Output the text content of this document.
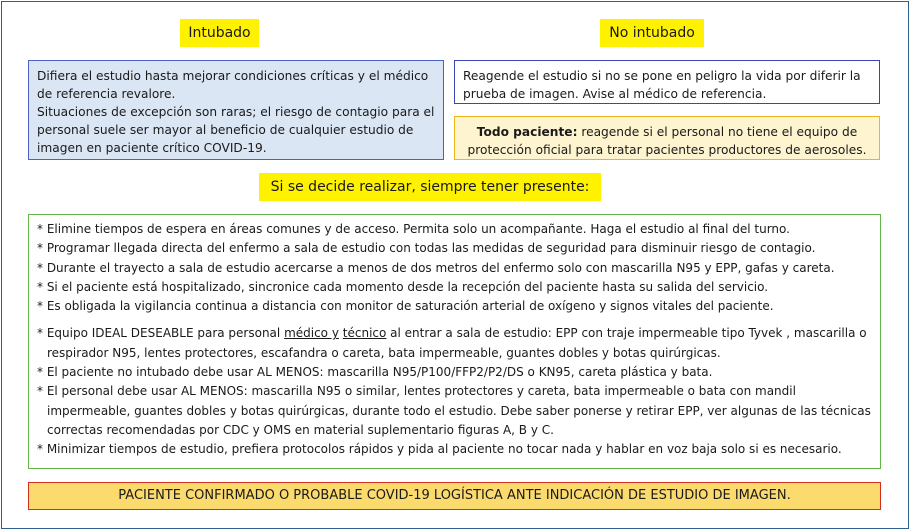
Intubado	No intubado
Difiera el estudio hasta mejorar condiciones críticas y el médico de referencia revalore.
Situaciones de excepción son raras; el riesgo de contagio para el personal suele ser mayor al beneficio de cualquier estudio de imagen en paciente crítico COVID-19.
Reagende el estudio si no se pone en peligro la vida por diferir la prueba de imagen. Avise al médico de referencia.
Todo paciente: reagende si el personal no tiene el equipo de protección oficial para tratar pacientes productores de aerosoles.
Si se decide realizar, siempre tener presente:
* Elimine tiempos de espera en áreas comunes y de acceso. Permita solo un acompañante. Haga el estudio al final del turno.
* Programar llegada directa del enfermo a sala de estudio con todas las medidas de seguridad para disminuir riesgo de contagio.
* Durante el trayecto a sala de estudio acercarse a menos de dos metros del enfermo solo con mascarilla N95 y EPP, gafas y careta.
* Si el paciente está hospitalizado, sincronice cada momento desde la recepción del paciente hasta su salida del servicio.
* Es obligada la vigilancia continua a distancia con monitor de saturación arterial de oxígeno y signos vitales del paciente.
* Equipo IDEAL DESEABLE para personal médico y técnico al entrar a sala de estudio: EPP con traje impermeable tipo Tyvek , mascarilla o respirador N95, lentes protectores, escafandra o careta, bata impermeable, guantes dobles y botas quirúrgicas.
* El paciente no intubado debe usar AL MENOS: mascarilla N95/P100/FFP2/P2/DS o KN95, careta plástica y bata.
* El personal debe usar AL MENOS: mascarilla N95 o similar, lentes protectores y careta, bata impermeable o bata con mandil impermeable, guantes dobles y botas quirúrgicas, durante todo el estudio. Debe saber ponerse y retirar EPP, ver algunas de las técnicas correctas recomendadas por CDC y OMS en material suplementario figuras A, B y C.
* Minimizar tiempos de estudio, prefiera protocolos rápidos y pida al paciente no tocar nada y hablar en voz baja solo si es necesario.
PACIENTE CONFIRMADO O PROBABLE COVID-19 LOGÍSTICA ANTE INDICACIÓN DE ESTUDIO DE IMAGEN.
